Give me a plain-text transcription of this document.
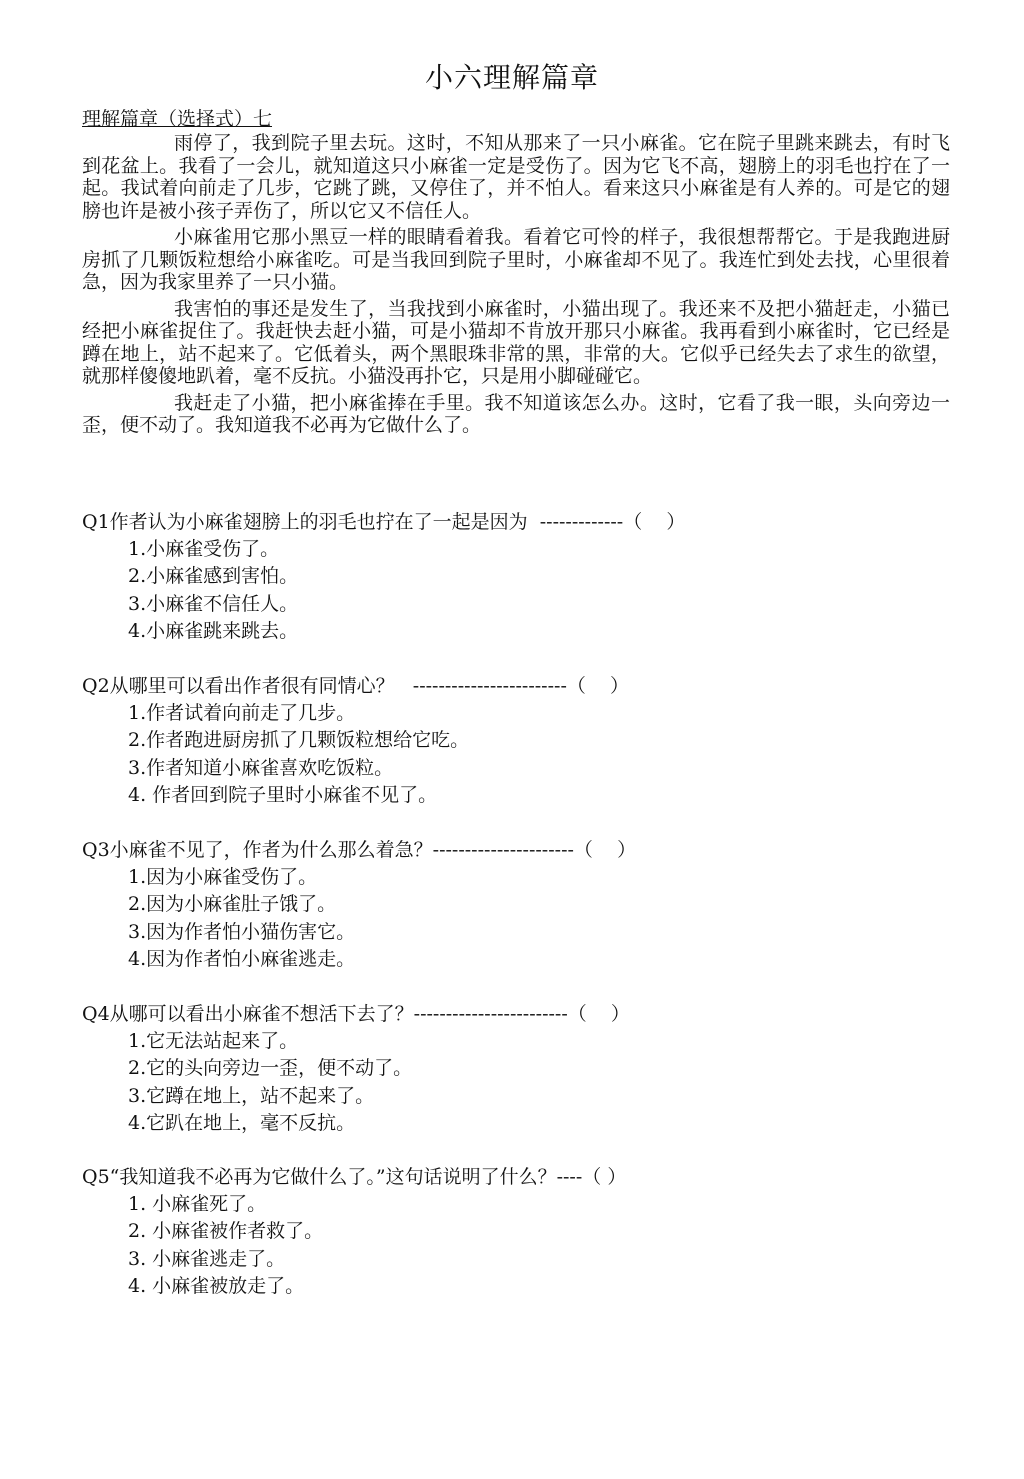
小六理解篇章
理解篇章（选择式）七

雨停了，我到院子里去玩。这时，不知从那来了一只小麻雀。它在院子里跳来跳去，有时飞到花盆上。我看了一会儿，就知道这只小麻雀一定是受伤了。因为它飞不高，翅膀上的羽毛也拧在了一起。我试着向前走了几步，它跳了跳，又停住了，并不怕人。看来这只小麻雀是有人养的。可是它的翅膀也许是被小孩子弄伤了，所以它又不信任人。

小麻雀用它那小黑豆一样的眼睛看着我。看着它可怜的样子，我很想帮帮它。于是我跑进厨房抓了几颗饭粒想给小麻雀吃。可是当我回到院子里时，小麻雀却不见了。我连忙到处去找，心里很着急，因为我家里养了一只小猫。

我害怕的事还是发生了，当我找到小麻雀时，小猫出现了。我还来不及把小猫赶走，小猫已经把小麻雀捉住了。我赶快去赶小猫，可是小猫却不肯放开那只小麻雀。我再看到小麻雀时，它已经是蹲在地上，站不起来了。它低着头，两个黑眼珠非常的黑，非常的大。它似乎已经失去了求生的欲望，就那样傻傻地趴着，毫不反抗。小猫没再扑它，只是用小脚碰碰它。

我赶走了小猫，把小麻雀捧在手里。我不知道该怎么办。这时，它看了我一眼，头向旁边一歪，便不动了。我知道我不必再为它做什么了。

Q1作者认为小麻雀翅膀上的羽毛也拧在了一起是因为  -------------（    ）
1.小麻雀受伤了。
2.小麻雀感到害怕。
3.小麻雀不信任人。
4.小麻雀跳来跳去。
Q2从哪里可以看出作者很有同情心？   ------------------------（    ）
1.作者试着向前走了几步。
2.作者跑进厨房抓了几颗饭粒想给它吃。
3.作者知道小麻雀喜欢吃饭粒。
4. 作者回到院子里时小麻雀不见了。
Q3小麻雀不见了，作者为什么那么着急？----------------------（    ）
1.因为小麻雀受伤了。
2.因为小麻雀肚子饿了。
3.因为作者怕小猫伤害它。
4.因为作者怕小麻雀逃走。
Q4从哪可以看出小麻雀不想活下去了？------------------------（    ）
1.它无法站起来了。
2.它的头向旁边一歪，便不动了。
3.它蹲在地上，站不起来了。
4.它趴在地上，毫不反抗。
Q5“我知道我不必再为它做什么了。”这句话说明了什么？----（ ）
1. 小麻雀死了。
2. 小麻雀被作者救了。
3. 小麻雀逃走了。
4. 小麻雀被放走了。
